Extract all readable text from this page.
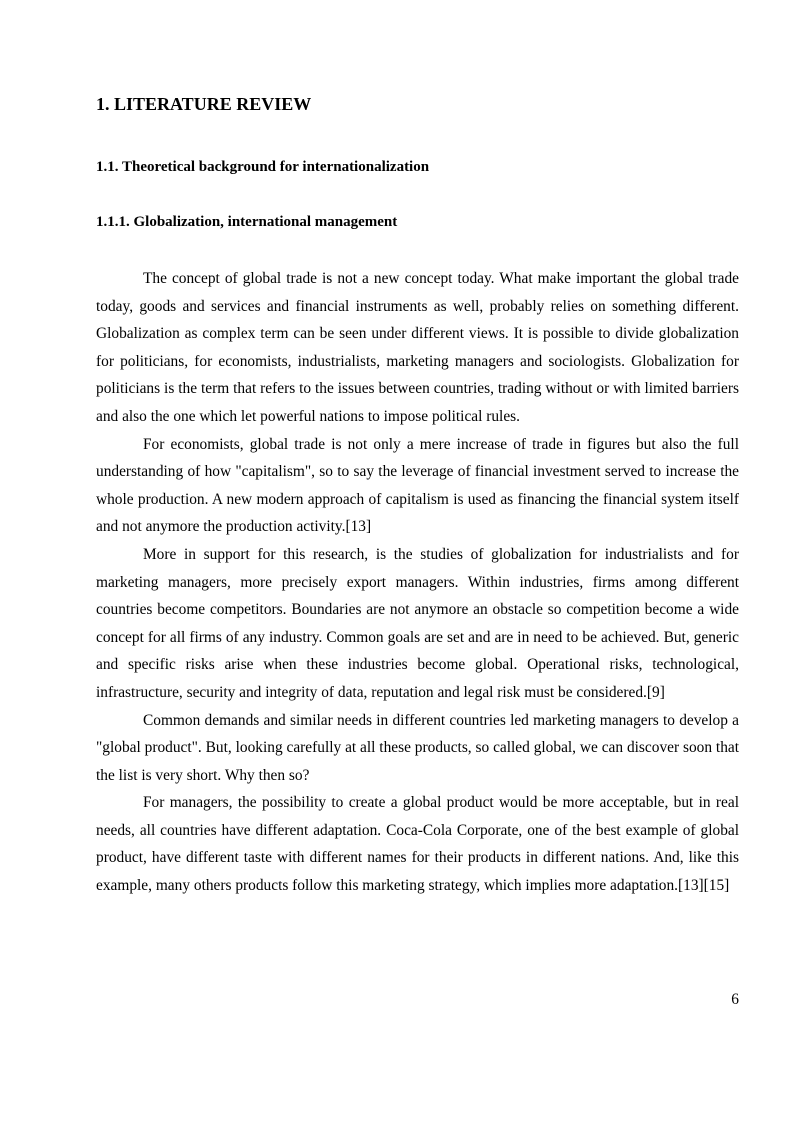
1. LITERATURE REVIEW
1.1. Theoretical background for internationalization
1.1.1. Globalization, international management

The concept of global trade is not a new concept today. What make important the global trade today, goods and services and financial instruments as well, probably relies on something different. Globalization as complex term can be seen under different views. It is possible to divide globalization for politicians, for economists, industrialists, marketing managers and sociologists. Globalization for politicians is the term that refers to the issues between countries, trading without or with limited barriers and also the one which let powerful nations to impose political rules.

For economists, global trade is not only a mere increase of trade in figures but also the full understanding of how "capitalism", so to say the leverage of financial investment served to increase the whole production. A new modern approach of capitalism is used as financing the financial system itself and not anymore the production activity.[13]

More in support for this research, is the studies of globalization for industrialists and for marketing managers, more precisely export managers. Within industries, firms among different countries become competitors. Boundaries are not anymore an obstacle so competition become a wide concept for all firms of any industry. Common goals are set and are in need to be achieved. But, generic and specific risks arise when these industries become global. Operational risks, technological, infrastructure, security and integrity of data, reputation and legal risk must be considered.[9]

Common demands and similar needs in different countries led marketing managers to develop a "global product". But, looking carefully at all these products, so called global, we can discover soon that the list is very short. Why then so?

For managers, the possibility to create a global product would be more acceptable, but in real needs, all countries have different adaptation. Coca-Cola Corporate, one of the best example of global product, have different taste with different names for their products in different nations. And, like this example, many others products follow this marketing strategy, which implies more adaptation.[13][15]

6
